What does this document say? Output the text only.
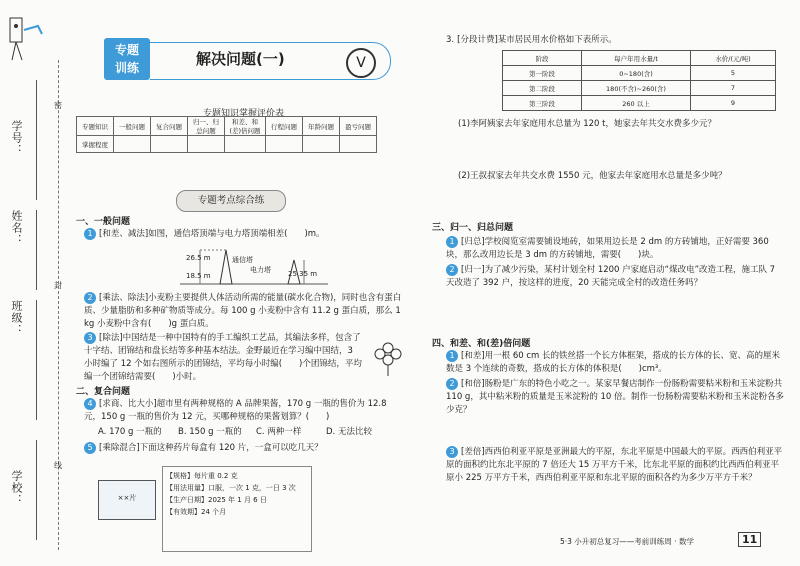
学号：
姓名：
班级：
学校：
密
封
线
专题
训练	解决问题(一)	V
专题知识掌握评价表
专题知识	一般问题	复合问题	归一、归总问题	和差、和(差)倍问题	行程问题	年龄问题	盈亏问题
掌握程度							
专题考点综合练
一、一般问题
1 [和差、减法]如图，通信塔顶端与电力塔顶端相差(　　)m。
26.5 m	通信塔
电力塔
18.5 m	25.35 m
2 [乘法、除法]小麦粉主要提供人体活动所需的能量(碳水化合物)，同时也含有蛋白质、少量脂肪和多种矿物质等成分。每 100 g 小麦粉中含有 11.2 g 蛋白质，那么 1 kg 小麦粉中含有(　　)g 蛋白质。
3 [除法]中国结是一种中国特有的手工编织工艺品，其编法多样，包含了十字结、团锦结和盘长结等多种基本结法。金野最近在学习编中国结，3 小时编了 12 个如右图所示的团锦结，平均每小时编(　　)个团锦结，平均编一个团锦结需要(　　)小时。
二、复合问题
4 [求商、比大小]超市里有两种规格的 A 品牌果酱，170 g 一瓶的售价为 12.8 元，150 g 一瓶的售价为 12 元，买哪种规格的果酱划算？(　　)
A. 170 g 一瓶的 B. 150 g 一瓶的 C. 两种一样	D. 无法比较
5 [乘除混合]下面这种药片每盒有 120 片，一盒可以吃几天？
××片
【规格】每片重 0.2 克
【用法用量】口服，一次 1 克，一日 3 次
【生产日期】2025 年 1 月 6 日
【有效期】24 个月
3. [分段计费]某市居民用水价格如下表所示。
阶段	每户年用水量/t	水价/(元/吨)
第一阶段	0~180(含)	5
第二阶段	180(不含)~260(含)	7
第三阶段	260 以上	9
(1)李阿姨家去年家庭用水总量为 120 t，她家去年共交水费多少元？
(2)王叔叔家去年共交水费 1550 元，他家去年家庭用水总量是多少吨？
三、归一、归总问题
1 [归总]学校阅览室需要铺设地砖，如果用边长是 2 dm 的方砖铺地，正好需要 360 块，那么改用边长是 3 dm 的方砖铺地，需要(　　)块。
2 [归一]为了减少污染，某村计划全村 1200 户家庭启动“煤改电”改造工程，施工队 7 天改造了 392 户，按这样的进度，20 天能完成全村的改造任务吗？
四、和差、和(差)倍问题
1 [和差]用一根 60 cm 长的铁丝搭一个长方体框架，搭成的长方体的长、宽、高的厘米数是 3 个连续的奇数，搭成的长方体的体积是(　　)cm³。
2 [和倍]肠粉是广东的特色小吃之一。某家早餐店制作一份肠粉需要粘米粉和玉米淀粉共 110 g，其中粘米粉的质量是玉米淀粉的 10 倍。制作一份肠粉需要粘米粉和玉米淀粉各多少克？
3 [差倍]西西伯利亚平原是亚洲最大的平原，东北平原是中国最大的平原。西西伯利亚平原的面积约比东北平原的 7 倍还大 15 万平方千米，比东北平原的面积约比西西伯利亚平原小 225 万平方千米，西西伯利亚平原和东北平原的面积各约为多少万平方千米？
5·3 小升初总复习——考前训练周 · 数学	11
